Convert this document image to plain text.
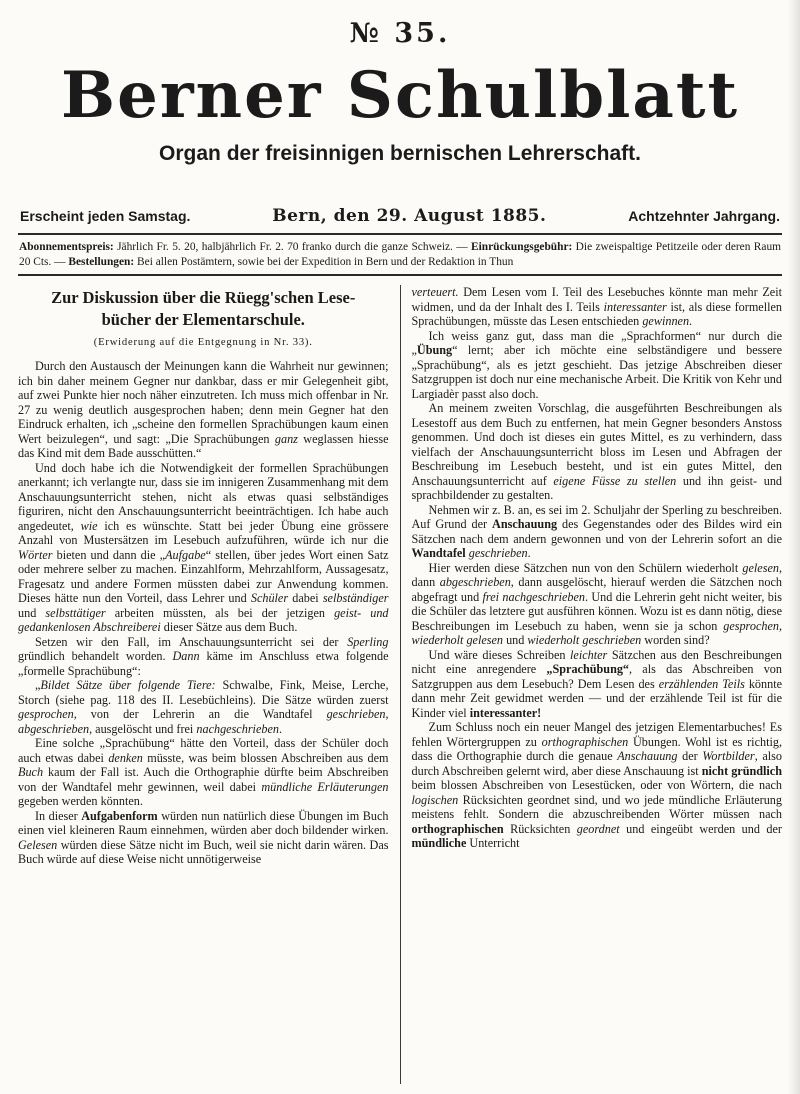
№ 35.
Berner Schulblatt
Organ der freisinnigen bernischen Lehrerschaft.
Erscheint jeden Samstag.	Bern, den 29. August 1885.	Achtzehnter Jahrgang.
Abonnementspreis: Jährlich Fr. 5. 20, halbjährlich Fr. 2. 70 franko durch die ganze Schweiz. — Einrückungsgebühr: Die zweispaltige Petitzeile oder deren Raum 20 Cts. — Bestellungen: Bei allen Postämtern, sowie bei der Expedition in Bern und der Redaktion in Thun
Zur Diskussion über die Rüegg'schen Lese-
bücher der Elementarschule.
(Erwiderung auf die Entgegnung in Nr. 33).

Durch den Austausch der Meinungen kann die Wahrheit nur gewinnen; ich bin daher meinem Gegner nur dankbar, dass er mir Gelegenheit gibt, auf zwei Punkte hier noch näher einzutreten. Ich muss mich offenbar in Nr. 27 zu wenig deutlich ausgesprochen haben; denn mein Gegner hat den Eindruck erhalten, ich „scheine den formellen Sprachübungen kaum einen Wert beizulegen“, und sagt: „Die Sprachübungen ganz weglassen hiesse das Kind mit dem Bade ausschütten.“

Und doch habe ich die Notwendigkeit der formellen Sprachübungen anerkannt; ich verlangte nur, dass sie im innigeren Zusammenhang mit dem Anschauungsunterricht stehen, nicht als etwas quasi selbständiges figuriren, nicht den Anschauungsunterricht beeinträchtigen. Ich habe auch angedeutet, wie ich es wünschte. Statt bei jeder Übung eine grössere Anzahl von Mustersätzen im Lesebuch aufzuführen, würde ich nur die Wörter bieten und dann die „Aufgabe“ stellen, über jedes Wort einen Satz oder mehrere selber zu machen. Einzahlform, Mehrzahlform, Aussagesatz, Fragesatz und andere Formen müssten dabei zur Anwendung kommen. Dieses hätte nun den Vorteil, dass Lehrer und Schüler dabei selbständiger und selbsttätiger arbeiten müssten, als bei der jetzigen geist- und gedankenlosen Abschreiberei dieser Sätze aus dem Buch.

Setzen wir den Fall, im Anschauungsunterricht sei der Sperling gründlich behandelt worden. Dann käme im Anschluss etwa folgende „formelle Sprachübung“:

„Bildet Sätze über folgende Tiere: Schwalbe, Fink, Meise, Lerche, Storch (siehe pag. 118 des II. Lesebüchleins). Die Sätze würden zuerst gesprochen, von der Lehrerin an die Wandtafel geschrieben, abgeschrieben, ausgelöscht und frei nachgeschrieben.

Eine solche „Sprachübung“ hätte den Vorteil, dass der Schüler doch auch etwas dabei denken müsste, was beim blossen Abschreiben aus dem Buch kaum der Fall ist. Auch die Orthographie dürfte beim Abschreiben von der Wandtafel mehr gewinnen, weil dabei mündliche Erläuterungen gegeben werden könnten.

In dieser Aufgabenform würden nun natürlich diese Übungen im Buch einen viel kleineren Raum einnehmen, würden aber doch bildender wirken. Gelesen würden diese Sätze nicht im Buch, weil sie nicht darin wären. Das Buch würde auf diese Weise nicht unnötigerweise

verteuert. Dem Lesen vom I. Teil des Lesebuches könnte man mehr Zeit widmen, und da der Inhalt des I. Teils interessanter ist, als diese formellen Sprachübungen, müsste das Lesen entschieden gewinnen.

Ich weiss ganz gut, dass man die „Sprachformen“ nur durch die „Übung“ lernt; aber ich möchte eine selbständigere und bessere „Sprachübung“, als es jetzt geschieht. Das jetzige Abschreiben dieser Satzgruppen ist doch nur eine mechanische Arbeit. Die Kritik von Kehr und Largiadèr passt also doch.

An meinem zweiten Vorschlag, die ausgeführten Beschreibungen als Lesestoff aus dem Buch zu entfernen, hat mein Gegner besonders Anstoss genommen. Und doch ist dieses ein gutes Mittel, es zu verhindern, dass vielfach der Anschauungsunterricht bloss im Lesen und Abfragen der Beschreibung im Lesebuch besteht, und ist ein gutes Mittel, den Anschauungsunterricht auf eigene Füsse zu stellen und ihn geist- und sprachbildender zu gestalten.

Nehmen wir z. B. an, es sei im 2. Schuljahr der Sperling zu beschreiben. Auf Grund der Anschauung des Gegenstandes oder des Bildes wird ein Sätzchen nach dem andern gewonnen und von der Lehrerin sofort an die Wandtafel geschrieben.

Hier werden diese Sätzchen nun von den Schülern wiederholt gelesen, dann abgeschrieben, dann ausgelöscht, hierauf werden die Sätzchen noch abgefragt und frei nachgeschrieben. Und die Lehrerin geht nicht weiter, bis die Schüler das letztere gut ausführen können. Wozu ist es dann nötig, diese Beschreibungen im Lesebuch zu haben, wenn sie ja schon gesprochen, wiederholt gelesen und wiederholt geschrieben worden sind?

Und wäre dieses Schreiben leichter Sätzchen aus den Beschreibungen nicht eine anregendere „Sprachübung“, als das Abschreiben von Satzgruppen aus dem Lesebuch? Dem Lesen des erzählenden Teils könnte dann mehr Zeit gewidmet werden — und der erzählende Teil ist für die Kinder viel interessanter!

Zum Schluss noch ein neuer Mangel des jetzigen Elementarbuches! Es fehlen Wörtergruppen zu orthographischen Übungen. Wohl ist es richtig, dass die Orthographie durch die genaue Anschauung der Wortbilder, also durch Abschreiben gelernt wird, aber diese Anschauung ist nicht gründlich beim blossen Abschreiben von Lesestücken, oder von Wörtern, die nach logischen Rücksichten geordnet sind, und wo jede mündliche Erläuterung meistens fehlt. Sondern die abzuschreibenden Wörter müssen nach orthographischen Rücksichten geordnet und eingeübt werden und der mündliche Unterricht
